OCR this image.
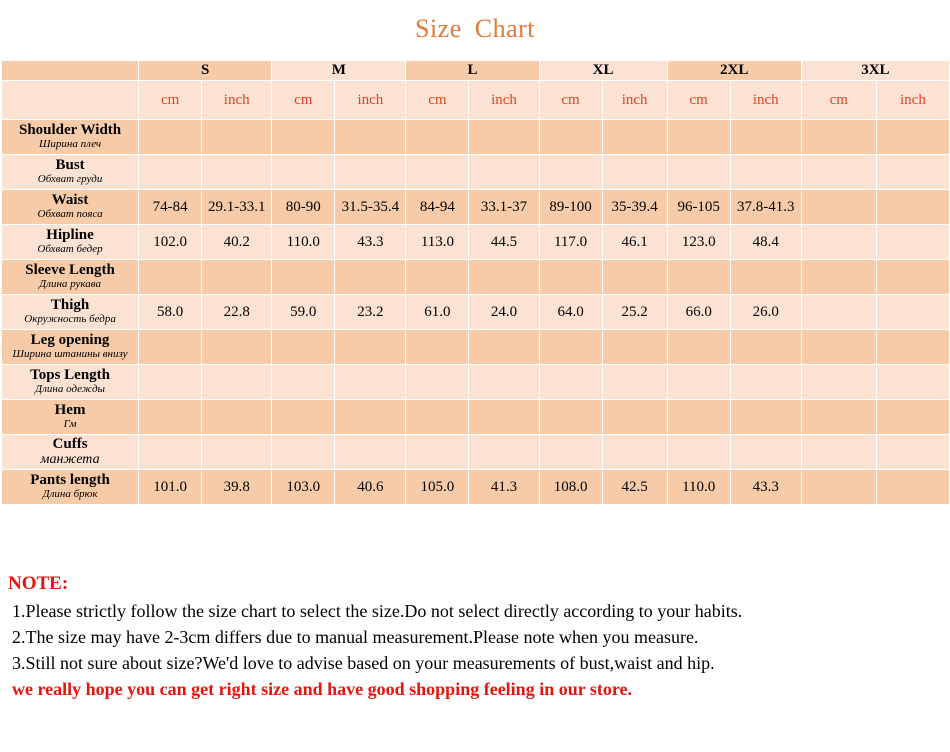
Size Chart
	S		M		L		XL		2XL		3XL	
	cm	inch	cm	inch	cm	inch	cm	inch	cm	inch	cm	inch

Shoulder Width
Ширина плеч												

Bust
Обхват груди												

Waist
Обхват пояса	74-84	29.1-33.1	80-90	31.5-35.4	84-94	33.1-37	89-100	35-39.4	96-105	37.8-41.3		

Hipline
Обхват бедер	102.0	40.2	110.0	43.3	113.0	44.5	117.0	46.1	123.0	48.4		

Sleeve Length
Длина рукава												

Thigh
Окружность бедра	58.0	22.8	59.0	23.2	61.0	24.0	64.0	25.2	66.0	26.0		

Leg opening
Ширина штанины внизу												

Tops Length
Длина одежды												

Hem
Гм												

Cuffs
манжета												

Pants length
Длина брюк	101.0	39.8	103.0	40.6	105.0	41.3	108.0	42.5	110.0	43.3		
NOTE:
1.Please strictly follow the size chart to select the size.Do not select directly according to your habits.
2.The size may have 2-3cm differs due to manual measurement.Please note when you measure.
3.Still not sure about size?We'd love to advise based on your measurements of bust,waist and hip.
we really hope you can get right size and have good shopping feeling in our store.
